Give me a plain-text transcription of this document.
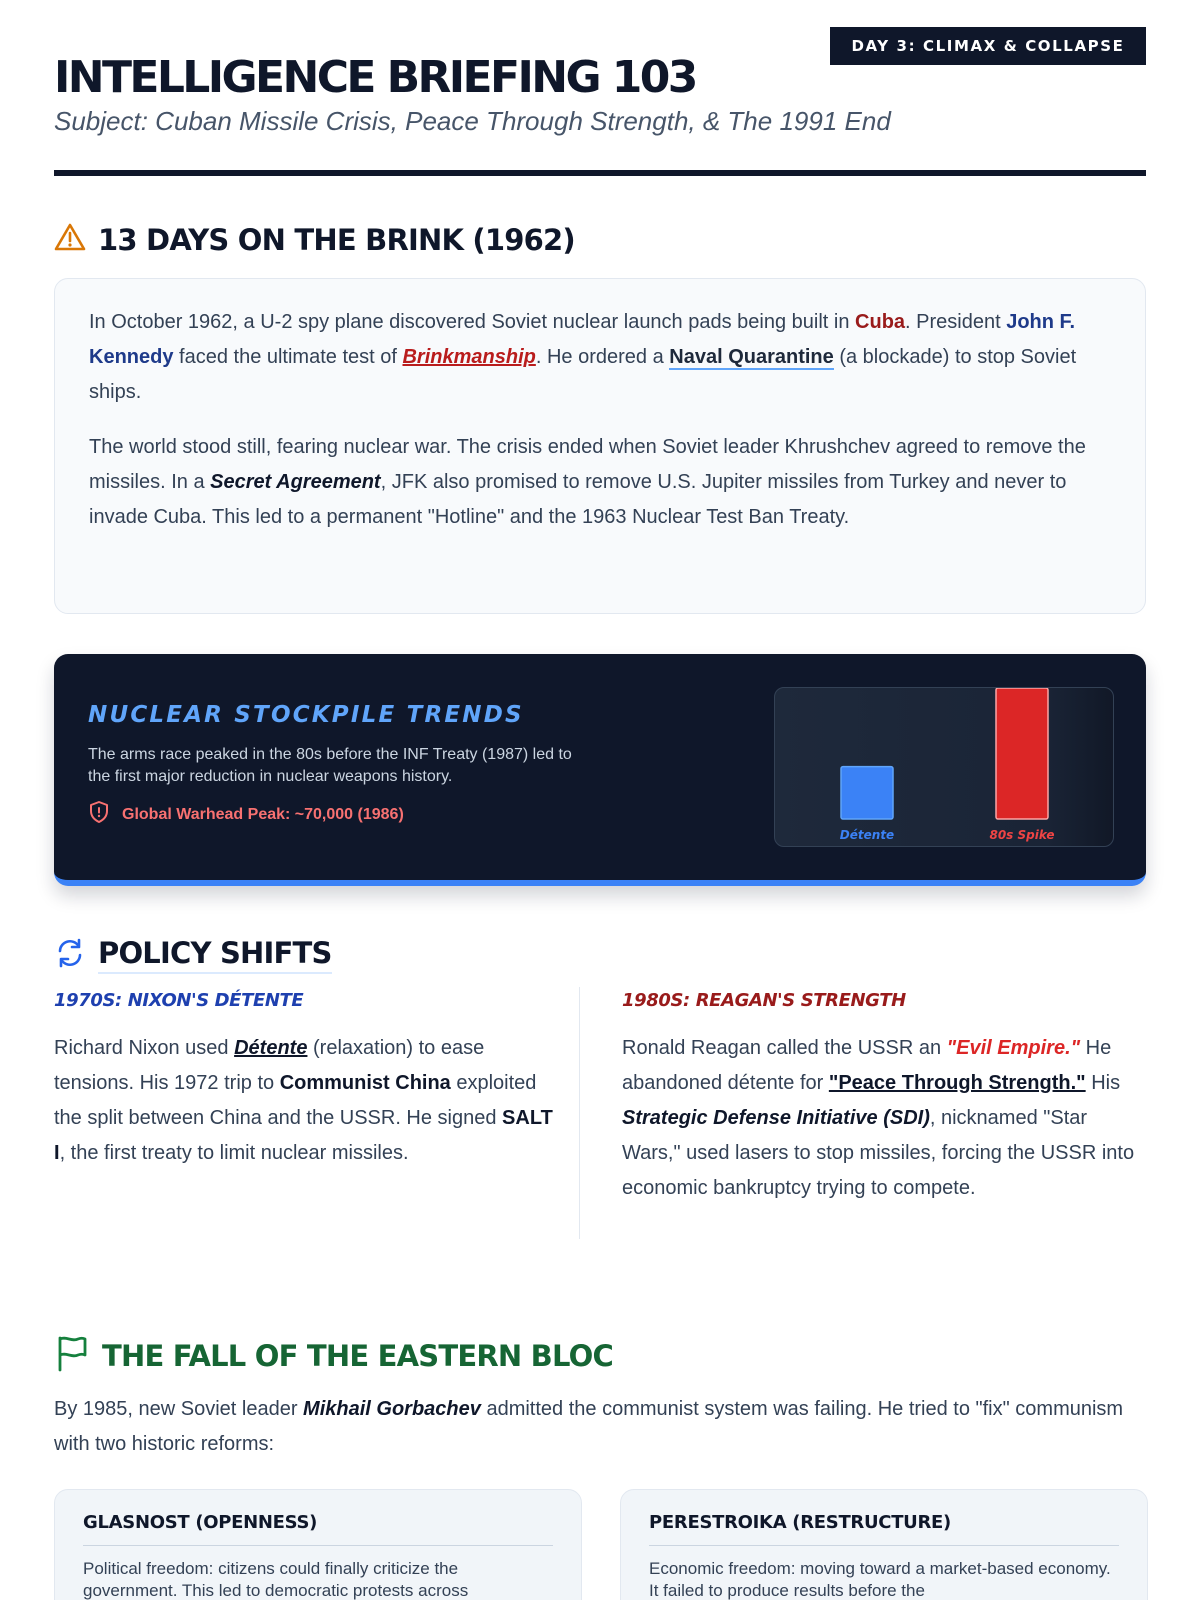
DAY 3: CLIMAX & COLLAPSE
INTELLIGENCE BRIEFING 103
Subject: Cuban Missile Crisis, Peace Through Strength, & The 1991 End
13 DAYS ON THE BRINK (1962)

In October 1962, a U-2 spy plane discovered Soviet nuclear launch pads being built in Cuba. President John F. Kennedy faced the ultimate test of Brinkmanship. He ordered a Naval Quarantine (a blockade) to stop Soviet ships.

The world stood still, fearing nuclear war. The crisis ended when Soviet leader Khrushchev agreed to remove the missiles. In a Secret Agreement, JFK also promised to remove U.S. Jupiter missiles from Turkey and never to invade Cuba. This led to a permanent "Hotline" and the 1963 Nuclear Test Ban Treaty.

NUCLEAR STOCKPILE TRENDS
The arms race peaked in the 80s before the INF Treaty (1987) led to the first major reduction in nuclear weapons history.
Global Warhead Peak: ~70,000 (1986)
Détente	80s Spike
POLICY SHIFTS
1970S: NIXON'S DÉTENTE

Richard Nixon used Détente (relaxation) to ease tensions. His 1972 trip to Communist China exploited the split between China and the USSR. He signed SALT I, the first treaty to limit nuclear missiles.

1980S: REAGAN'S STRENGTH

Ronald Reagan called the USSR an "Evil Empire." He abandoned détente for "Peace Through Strength." His Strategic Defense Initiative (SDI), nicknamed "Star Wars," used lasers to stop missiles, forcing the USSR into economic bankruptcy trying to compete.

THE FALL OF THE EASTERN BLOC
By 1985, new Soviet leader Mikhail Gorbachev admitted the communist system was failing. He tried to "fix" communism with two historic reforms:
GLASNOST (OPENNESS)

Political freedom: citizens could finally criticize the government. This led to democratic protests across

PERESTROIKA (RESTRUCTURE)

Economic freedom: moving toward a market-based economy. It failed to produce results before the
